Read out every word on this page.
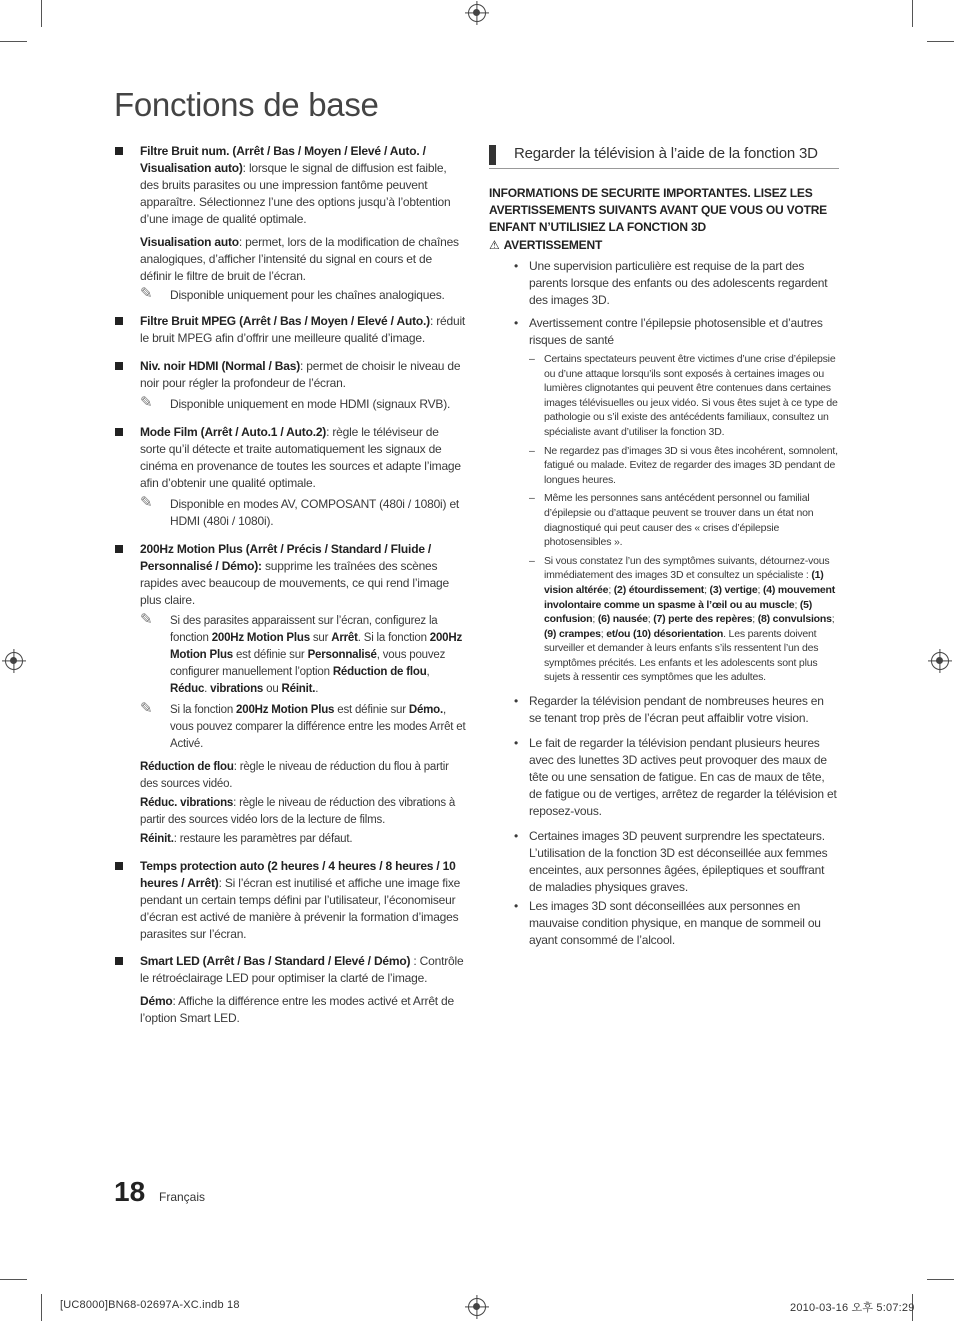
Fonctions de base

Filtre Bruit num. (Arrêt / Bas / Moyen / Elevé / Auto. / Visualisation auto): lorsque le signal de diffusion est faible, des bruits parasites ou une impression fantôme peuvent apparaître. Sélectionnez l’une des options jusqu’à l’obtention d’une image de qualité optimale.

Visualisation auto: permet, lors de la modification de chaînes analogiques, d’afficher l’intensité du signal en cours et de définir le filtre de bruit de l’écran.

✎ Disponible uniquement pour les chaînes analogiques.

Filtre Bruit MPEG (Arrêt / Bas / Moyen / Elevé / Auto.): réduit le bruit MPEG afin d’offrir une meilleure qualité d’image.

Niv. noir HDMI (Normal / Bas): permet de choisir le niveau de noir pour régler la profondeur de l’écran.

✎ Disponible uniquement en mode HDMI (signaux RVB).

Mode Film (Arrêt / Auto.1 / Auto.2): règle le téléviseur de sorte qu’il détecte et traite automatiquement les signaux de cinéma en provenance de toutes les sources et adapte l’image afin d’obtenir une qualité optimale.

✎ Disponible en modes AV, COMPOSANT (480i / 1080i) et HDMI (480i / 1080i).

200Hz Motion Plus (Arrêt / Précis / Standard / Fluide / Personnalisé / Démo): supprime les traînées des scènes rapides avec beaucoup de mouvements, ce qui rend l’image plus claire.

✎ Si des parasites apparaissent sur l’écran, configurez la fonction 200Hz Motion Plus sur Arrêt. Si la fonction 200Hz Motion Plus est définie sur Personnalisé, vous pouvez configurer manuellement l’option Réduction de flou, Réduc. vibrations ou Réinit..
✎ Si la fonction 200Hz Motion Plus est définie sur Démo., vous pouvez comparer la différence entre les modes Arrêt et Activé.

Réduction de flou: règle le niveau de réduction du flou à partir des sources vidéo.

Réduc. vibrations: règle le niveau de réduction des vibrations à partir des sources vidéo lors de la lecture de films.

Réinit.: restaure les paramètres par défaut.

Temps protection auto (2 heures / 4 heures / 8 heures / 10 heures / Arrêt): Si l’écran est inutilisé et affiche une image fixe pendant un certain temps défini par l’utilisateur, l’économiseur d’écran est activé de manière à prévenir la formation d’images parasites sur l’écran.

Smart LED (Arrêt / Bas / Standard / Elevé / Démo) : Contrôle le rétroéclairage LED pour optimiser la clarté de l’image.

Démo: Affiche la différence entre les modes activé et Arrêt de l’option Smart LED.

Regarder la télévision à l’aide de la fonction 3D
INFORMATIONS DE SECURITE IMPORTANTES. LISEZ LES AVERTISSEMENTS SUIVANTS AVANT QUE VOUS OU VOTRE ENFANT N’UTILISIEZ LA FONCTION 3D
⚠ AVERTISSEMENT
• Une supervision particulière est requise de la part des parents lorsque des enfants ou des adolescents regardent des images 3D.
• Avertissement contre l’épilepsie photosensible et d’autres risques de santé
– Certains spectateurs peuvent être victimes d’une crise d’épilepsie ou d’une attaque lorsqu’ils sont exposés à certaines images ou lumières clignotantes qui peuvent être contenues dans certaines images télévisuelles ou jeux vidéo. Si vous êtes sujet à ce type de pathologie ou s’il existe des antécédents familiaux, consultez un spécialiste avant d’utiliser la fonction 3D.
– Ne regardez pas d’images 3D si vous êtes incohérent, somnolent, fatigué ou malade. Evitez de regarder des images 3D pendant de longues heures.
– Même les personnes sans antécédent personnel ou familial d’épilepsie ou d’attaque peuvent se trouver dans un état non diagnostiqué qui peut causer des « crises d’épilepsie photosensibles ».
– Si vous constatez l’un des symptômes suivants, détournez-vous immédiatement des images 3D et consultez un spécialiste : (1) vision altérée; (2) étourdissement; (3) vertige; (4) mouvement involontaire comme un spasme à l’œil ou au muscle; (5) confusion; (6) nausée; (7) perte des repères; (8) convulsions; (9) crampes; et/ou (10) désorientation. Les parents doivent surveiller et demander à leurs enfants s’ils ressentent l’un des symptômes précités. Les enfants et les adolescents sont plus sujets à ressentir ces symptômes que les adultes.
• Regarder la télévision pendant de nombreuses heures en se tenant trop près de l’écran peut affaiblir votre vision.
• Le fait de regarder la télévision pendant plusieurs heures avec des lunettes 3D actives peut provoquer des maux de tête ou une sensation de fatigue. En cas de maux de tête, de fatigue ou de vertiges, arrêtez de regarder la télévision et reposez-vous.
• Certaines images 3D peuvent surprendre les spectateurs. L’utilisation de la fonction 3D est déconseillée aux femmes enceintes, aux personnes âgées, épileptiques et souffrant de maladies physiques graves.
• Les images 3D sont déconseillées aux personnes en mauvaise condition physique, en manque de sommeil ou ayant consommé de l’alcool.
18 Français
[UC8000]BN68-02697A-XC.indb 18	2010-03-16 오후 5:07:29
